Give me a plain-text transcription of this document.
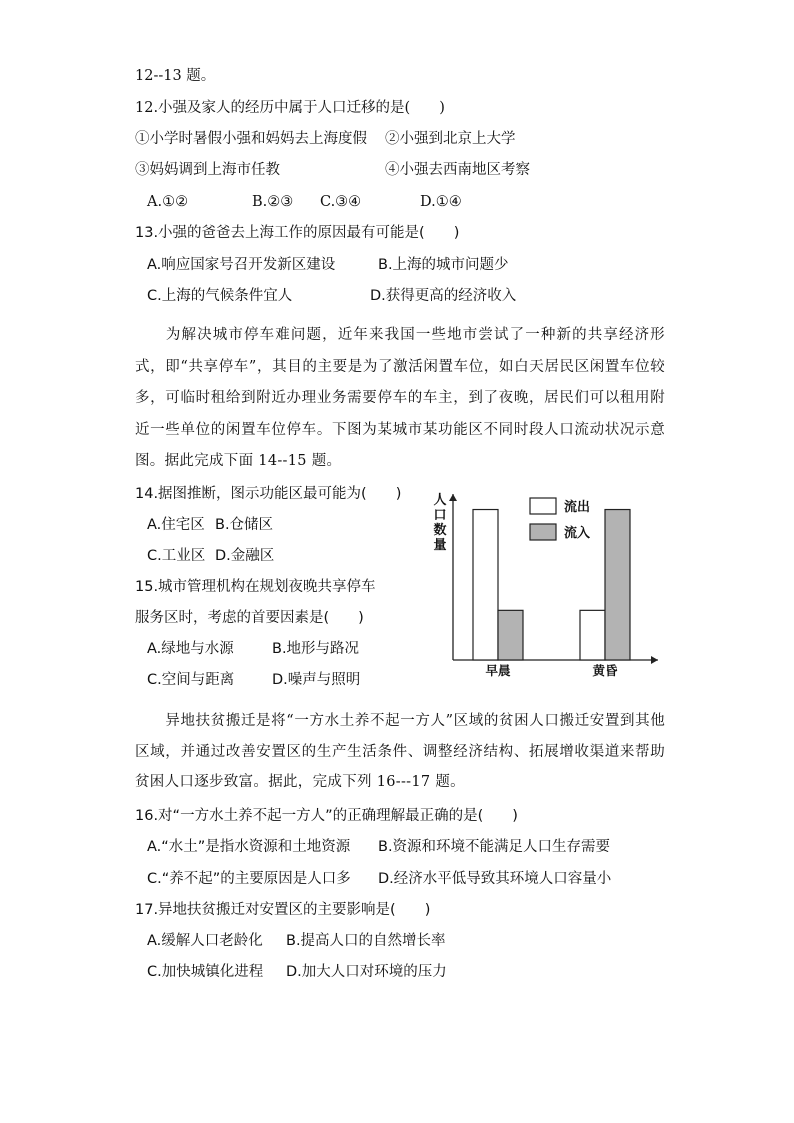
12--13 题。
12.小强及家人的经历中属于人口迁移的是(　　)
①小学时暑假小强和妈妈去上海度假 ②小强到北京上大学
③妈妈调到上海市任教	④小强去西南地区考察
A.①②	B.②③ C.③④	D.①④
13.小强的爸爸去上海工作的原因最有可能是(　　)
A.响应国家号召开发新区建设	B.上海的城市问题少
C.上海的气候条件宜人	D.获得更高的经济收入
为解决城市停车难问题，近年来我国一些地市尝试了一种新的共享经济形式，即“共享停车”，其目的主要是为了激活闲置车位，如白天居民区闲置车位较多，可临时租给到附近办理业务需要停车的车主，到了夜晚，居民们可以租用附近一些单位的闲置车位停车。下图为某城市某功能区不同时段人口流动状况示意图。据此完成下面 14--15 题。
14.据图推断，图示功能区最可能为(　　)
A.住宅区 B.仓储区
C.工业区 D.金融区
15.城市管理机构在规划夜晚共享停车
服务区时，考虑的首要因素是(　　)
A.绿地与水源	B.地形与路况
C.空间与距离	D.噪声与照明
人
口
数
量
早晨	黄昏
流出
流入
异地扶贫搬迁是将“一方水土养不起一方人”区域的贫困人口搬迁安置到其他区域，并通过改善安置区的生产生活条件、调整经济结构、拓展增收渠道来帮助贫困人口逐步致富。据此，完成下列 16---17 题。
16.对“一方水土养不起一方人”的正确理解最正确的是(　　)
A.“水土”是指水资源和土地资源 B.资源和环境不能满足人口生存需要
C.“养不起”的主要原因是人口多 D.经济水平低导致其环境人口容量小
17.异地扶贫搬迁对安置区的主要影响是(　　)
A.缓解人口老龄化 B.提高人口的自然增长率
C.加快城镇化进程 D.加大人口对环境的压力
